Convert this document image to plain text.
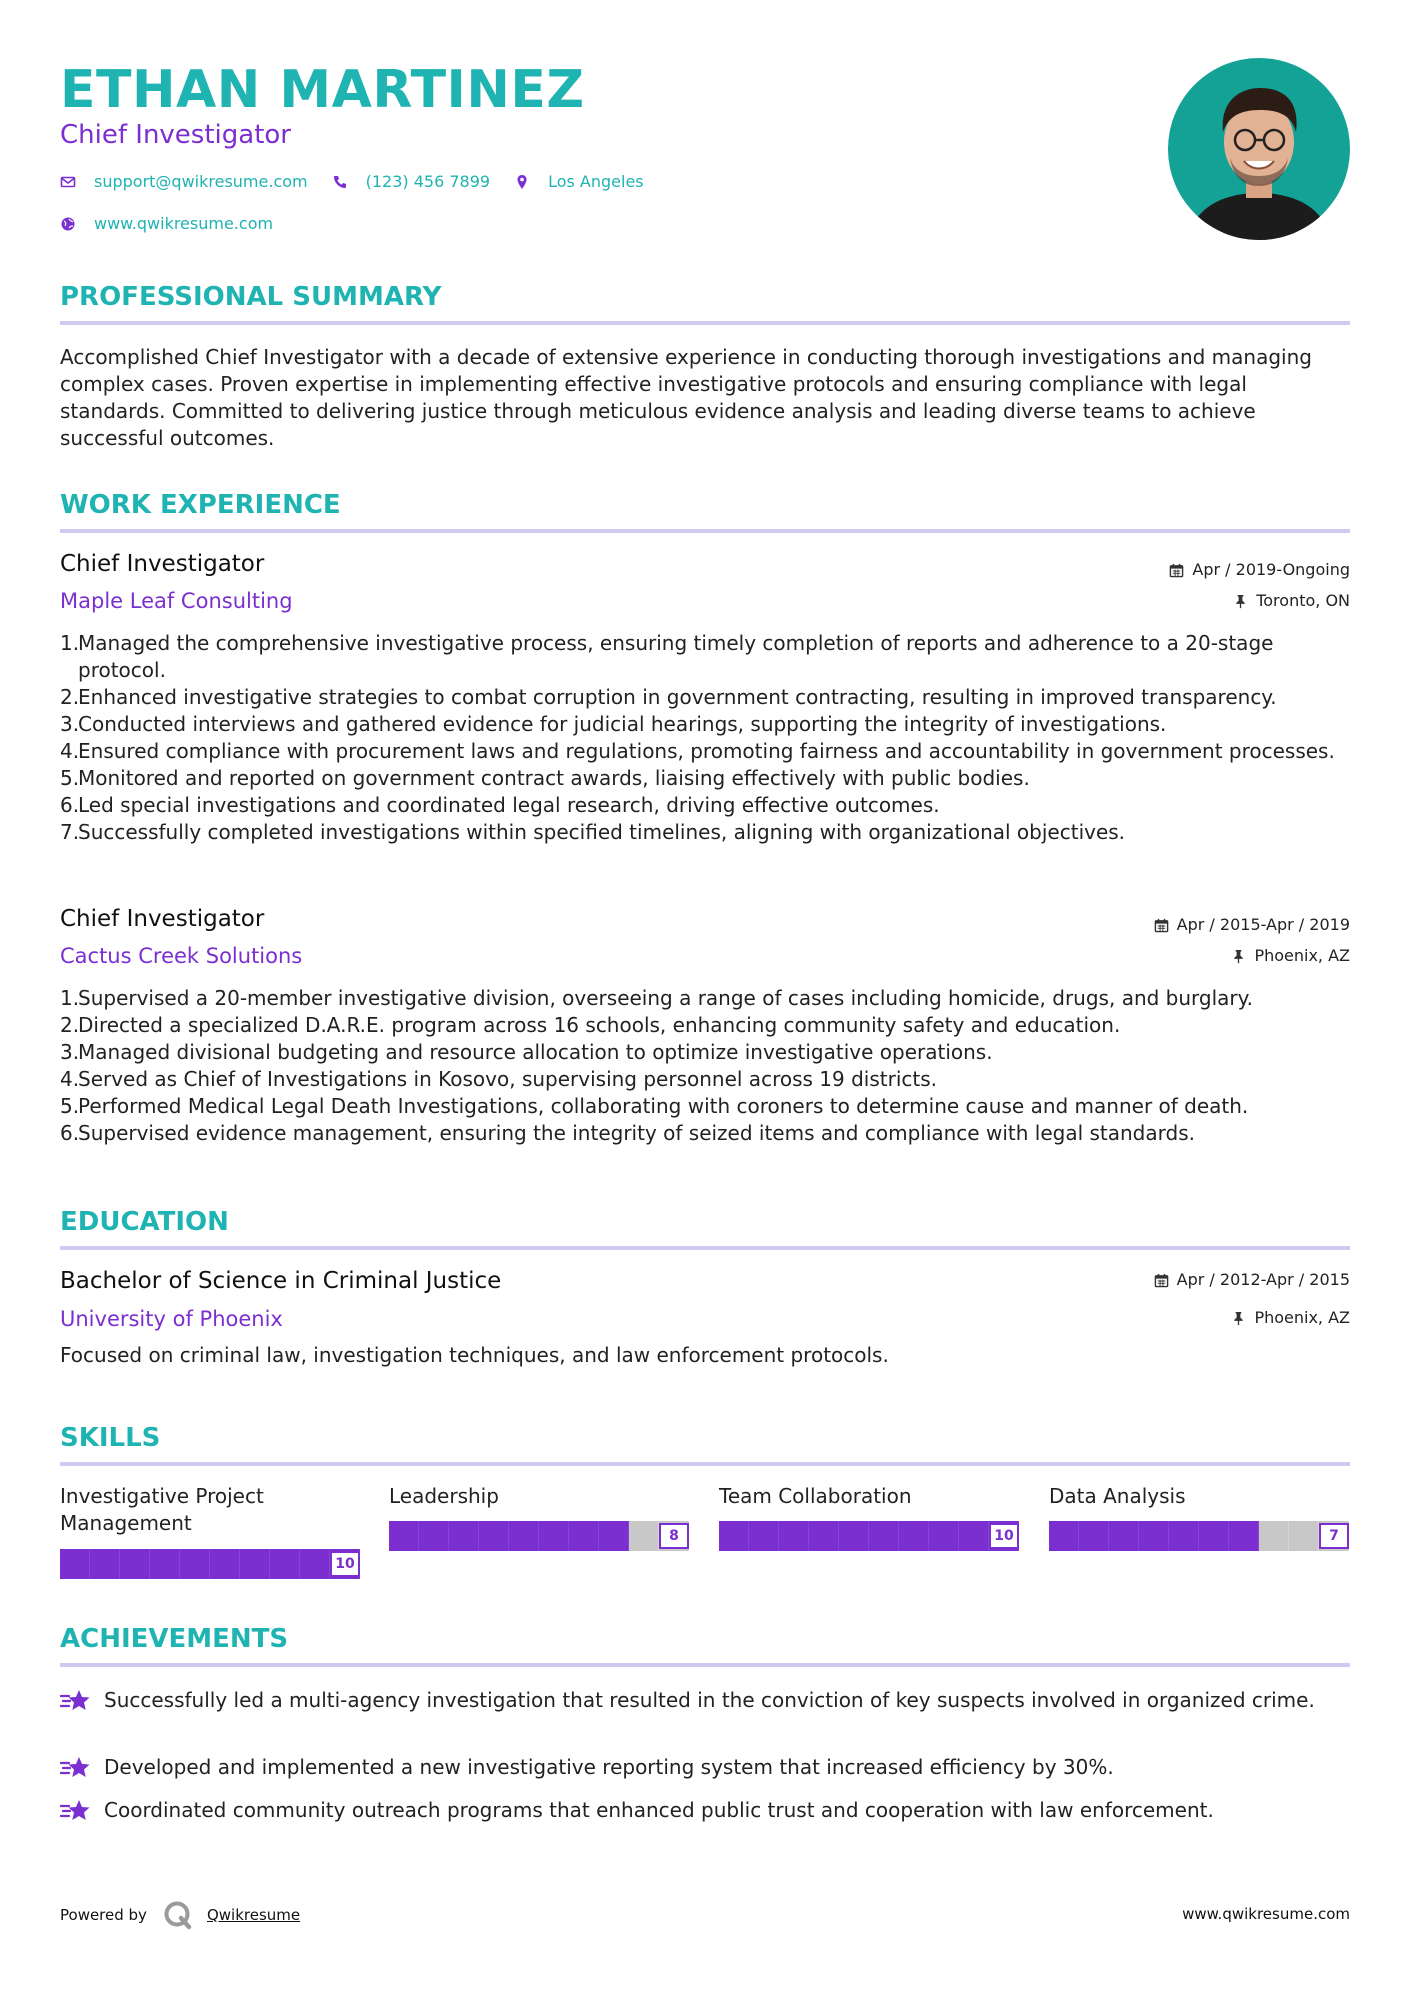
ETHAN MARTINEZ
Chief Investigator
support@qwikresume.com	(123) 456 7899	Los Angeles
www.qwikresume.com
PROFESSIONAL SUMMARY
Accomplished Chief Investigator with a decade of extensive experience in conducting thorough investigations and managing complex cases. Proven expertise in implementing effective investigative protocols and ensuring compliance with legal standards. Committed to delivering justice through meticulous evidence analysis and leading diverse teams to achieve successful outcomes.
WORK EXPERIENCE
Chief Investigator
Maple Leaf Consulting
Apr / 2019-Ongoing
Toronto, ON
1.
Managed the comprehensive investigative process, ensuring timely completion of reports and adherence to a 20-stage protocol.
2.
Enhanced investigative strategies to combat corruption in government contracting, resulting in improved transparency.
3.
Conducted interviews and gathered evidence for judicial hearings, supporting the integrity of investigations.
4.
Ensured compliance with procurement laws and regulations, promoting fairness and accountability in government processes.
5.
Monitored and reported on government contract awards, liaising effectively with public bodies.
6.
Led special investigations and coordinated legal research, driving effective outcomes.
7.
Successfully completed investigations within specified timelines, aligning with organizational objectives.
Chief Investigator
Cactus Creek Solutions
Apr / 2015-Apr / 2019
Phoenix, AZ
1.
Supervised a 20-member investigative division, overseeing a range of cases including homicide, drugs, and burglary.
2.
Directed a specialized D.A.R.E. program across 16 schools, enhancing community safety and education.
3.
Managed divisional budgeting and resource allocation to optimize investigative operations.
4.
Served as Chief of Investigations in Kosovo, supervising personnel across 19 districts.
5.
Performed Medical Legal Death Investigations, collaborating with coroners to determine cause and manner of death.
6.
Supervised evidence management, ensuring the integrity of seized items and compliance with legal standards.
EDUCATION
Bachelor of Science in Criminal Justice
University of Phoenix
Apr / 2012-Apr / 2015
Phoenix, AZ
Focused on criminal law, investigation techniques, and law enforcement protocols.
SKILLS
Investigative Project Management
10
Leadership
8
Team Collaboration
10
Data Analysis
7
ACHIEVEMENTS
Successfully led a multi-agency investigation that resulted in the conviction of key suspects involved in organized crime.
Developed and implemented a new investigative reporting system that increased efficiency by 30%.
Coordinated community outreach programs that enhanced public trust and cooperation with law enforcement.
Powered by	Qwikresume	www.qwikresume.com
